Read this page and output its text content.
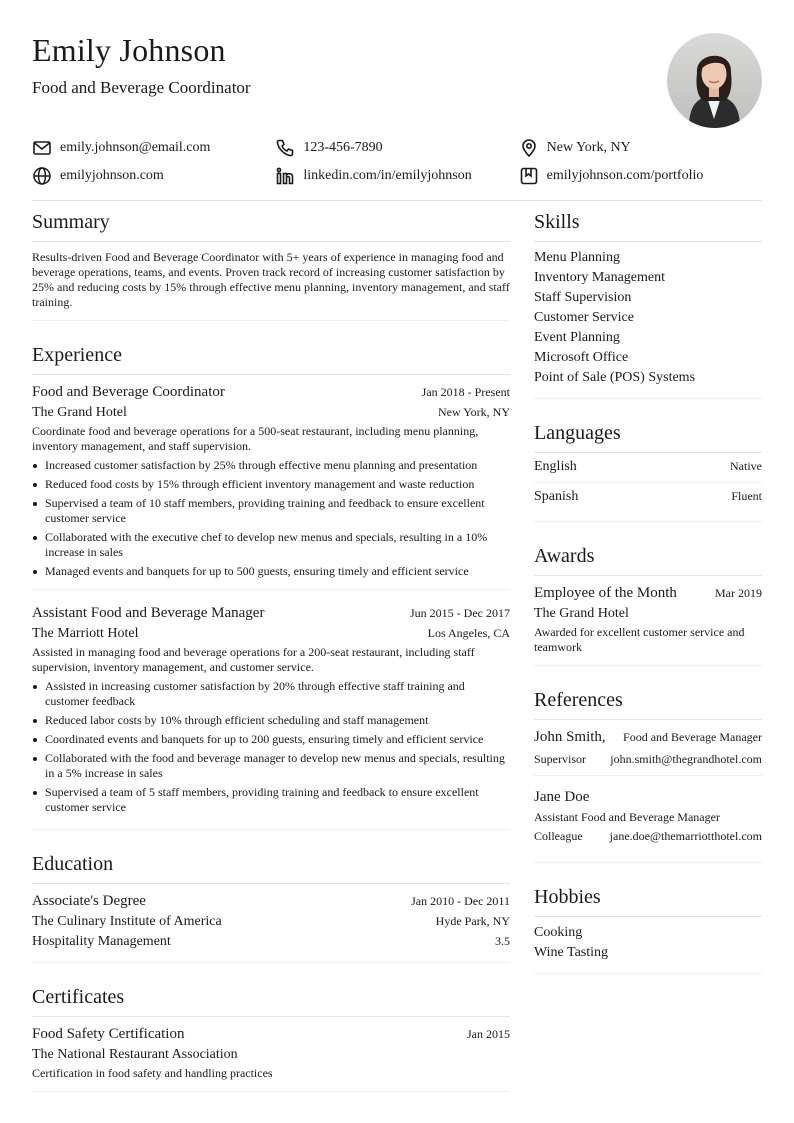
Emily Johnson
Food and Beverage Coordinator
emily.johnson@email.com	123-456-7890	New York, NY
emilyjohnson.com	linkedin.com/in/emilyjohnson	emilyjohnson.com/portfolio
Summary
Results-driven Food and Beverage Coordinator with 5+ years of experience in managing food and beverage operations, teams, and events. Proven track record of increasing customer satisfaction by 25% and reducing costs by 15% through effective menu planning, inventory management, and staff training.
Experience
Food and Beverage Coordinator	Jan 2018 - Present
The Grand Hotel	New York, NY
Coordinate food and beverage operations for a 500-seat restaurant, including menu planning, inventory management, and staff supervision.
Increased customer satisfaction by 25% through effective menu planning and presentation
Reduced food costs by 15% through efficient inventory management and waste reduction
Supervised a team of 10 staff members, providing training and feedback to ensure excellent customer service
Collaborated with the executive chef to develop new menus and specials, resulting in a 10% increase in sales
Managed events and banquets for up to 500 guests, ensuring timely and efficient service
Assistant Food and Beverage Manager	Jun 2015 - Dec 2017
The Marriott Hotel	Los Angeles, CA
Assisted in managing food and beverage operations for a 200-seat restaurant, including staff supervision, inventory management, and customer service.
Assisted in increasing customer satisfaction by 20% through effective staff training and customer feedback
Reduced labor costs by 10% through efficient scheduling and staff management
Coordinated events and banquets for up to 200 guests, ensuring timely and efficient service
Collaborated with the food and beverage manager to develop new menus and specials, resulting in a 5% increase in sales
Supervised a team of 5 staff members, providing training and feedback to ensure excellent customer service
Education
Associate's Degree	Jan 2010 - Dec 2011
The Culinary Institute of America	Hyde Park, NY
Hospitality Management	3.5
Certificates
Food Safety Certification	Jan 2015
The National Restaurant Association
Certification in food safety and handling practices
Skills
Menu Planning
Inventory Management
Staff Supervision
Customer Service
Event Planning
Microsoft Office
Point of Sale (POS) Systems
Languages
English	Native
Spanish	Fluent
Awards
Employee of the Month	Mar 2019
The Grand Hotel
Awarded for excellent customer service and teamwork
References
John Smith, Food and Beverage Manager
Supervisor john.smith@thegrandhotel.com
Jane Doe
Assistant Food and Beverage Manager
Colleague jane.doe@themarriotthotel.com
Hobbies
Cooking
Wine Tasting
